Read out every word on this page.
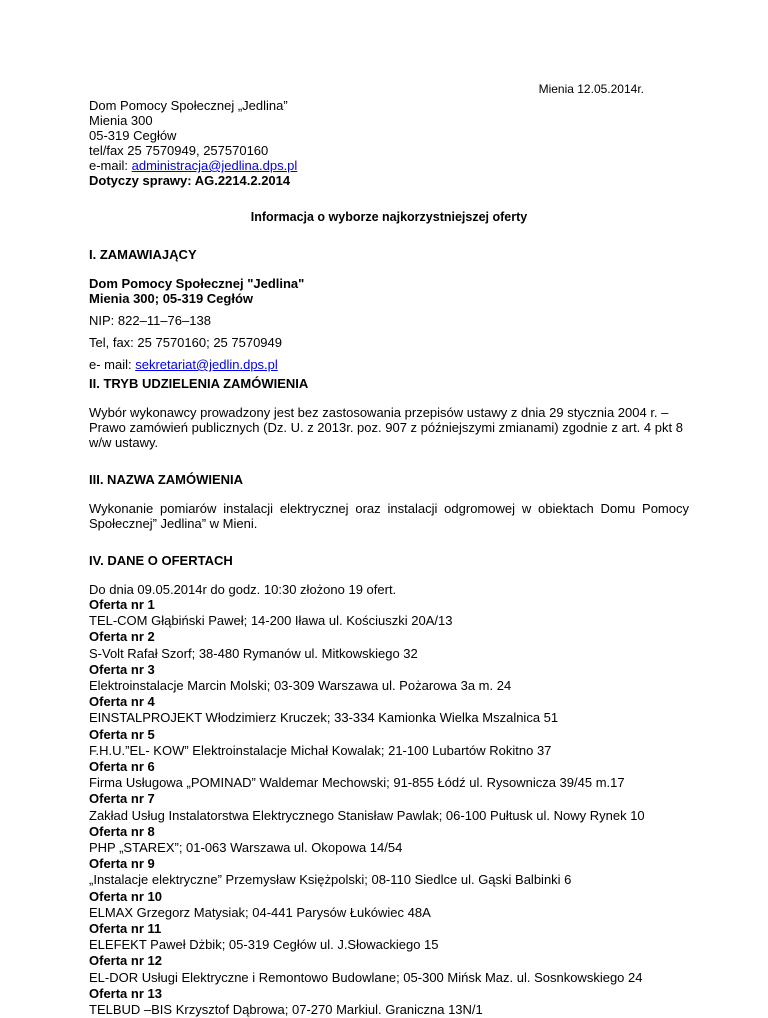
Mienia 12.05.2014r.
Dom Pomocy Społecznej „Jedlina”
Mienia 300
05-319 Cegłów
tel/fax 25 7570949, 257570160
e-mail: administracja@jedlina.dps.pl
Dotyczy sprawy: AG.2214.2.2014
Informacja o wyborze najkorzystniejszej oferty
I. ZAMAWIAJĄCY
Dom Pomocy Społecznej "Jedlina"
Mienia 300; 05-319 Cegłów
NIP: 822–11–76–138
Tel, fax: 25 7570160; 25 7570949
e- mail: sekretariat@jedlin.dps.pl
II. TRYB UDZIELENIA ZAMÓWIENIA
Wybór wykonawcy prowadzony jest bez zastosowania przepisów ustawy z dnia 29 stycznia 2004 r. – Prawo zamówień publicznych (Dz. U. z 2013r. poz. 907 z późniejszymi zmianami) zgodnie z art. 4 pkt 8 w/w ustawy.
III. NAZWA ZAMÓWIENIA
Wykonanie pomiarów instalacji elektrycznej oraz instalacji odgromowej w obiektach Domu Pomocy Społecznej” Jedlina” w Mieni.
IV. DANE O OFERTACH
Do dnia 09.05.2014r do godz. 10:30 złożono 19 ofert.
Oferta nr 1
TEL-COM Głąbiński Paweł; 14-200 Iława ul. Kościuszki 20A/13
Oferta nr 2
S-Volt Rafał Szorf; 38-480 Rymanów ul. Mitkowskiego 32
Oferta nr 3
Elektroinstalacje Marcin Molski; 03-309 Warszawa ul. Pożarowa 3a m. 24
Oferta nr 4
EINSTALPROJEKT Włodzimierz Kruczek; 33-334 Kamionka Wielka Mszalnica 51
Oferta nr 5
F.H.U.”EL- KOW” Elektroinstalacje Michał Kowalak; 21-100 Lubartów Rokitno 37
Oferta nr 6
Firma Usługowa „POMINAD” Waldemar Mechowski; 91-855 Łódź ul. Rysownicza 39/45 m.17
Oferta nr 7
Zakład Usług Instalatorstwa Elektrycznego Stanisław Pawlak; 06-100 Pułtusk ul. Nowy Rynek 10
Oferta nr 8
PHP „STAREX”; 01-063 Warszawa ul. Okopowa 14/54
Oferta nr 9
„Instalacje elektryczne” Przemysław Księżpolski; 08-110 Siedlce ul. Gąski Balbinki 6
Oferta nr 10
ELMAX Grzegorz Matysiak; 04-441 Parysów Łukówiec 48A
Oferta nr 11
ELEFEKT Paweł Dżbik; 05-319 Cegłów ul. J.Słowackiego 15
Oferta nr 12
EL-DOR Usługi Elektryczne i Remontowo Budowlane; 05-300 Mińsk Maz. ul. Sosnkowskiego 24
Oferta nr 13
TELBUD –BIS Krzysztof Dąbrowa; 07-270 Markiul. Graniczna 13N/1
